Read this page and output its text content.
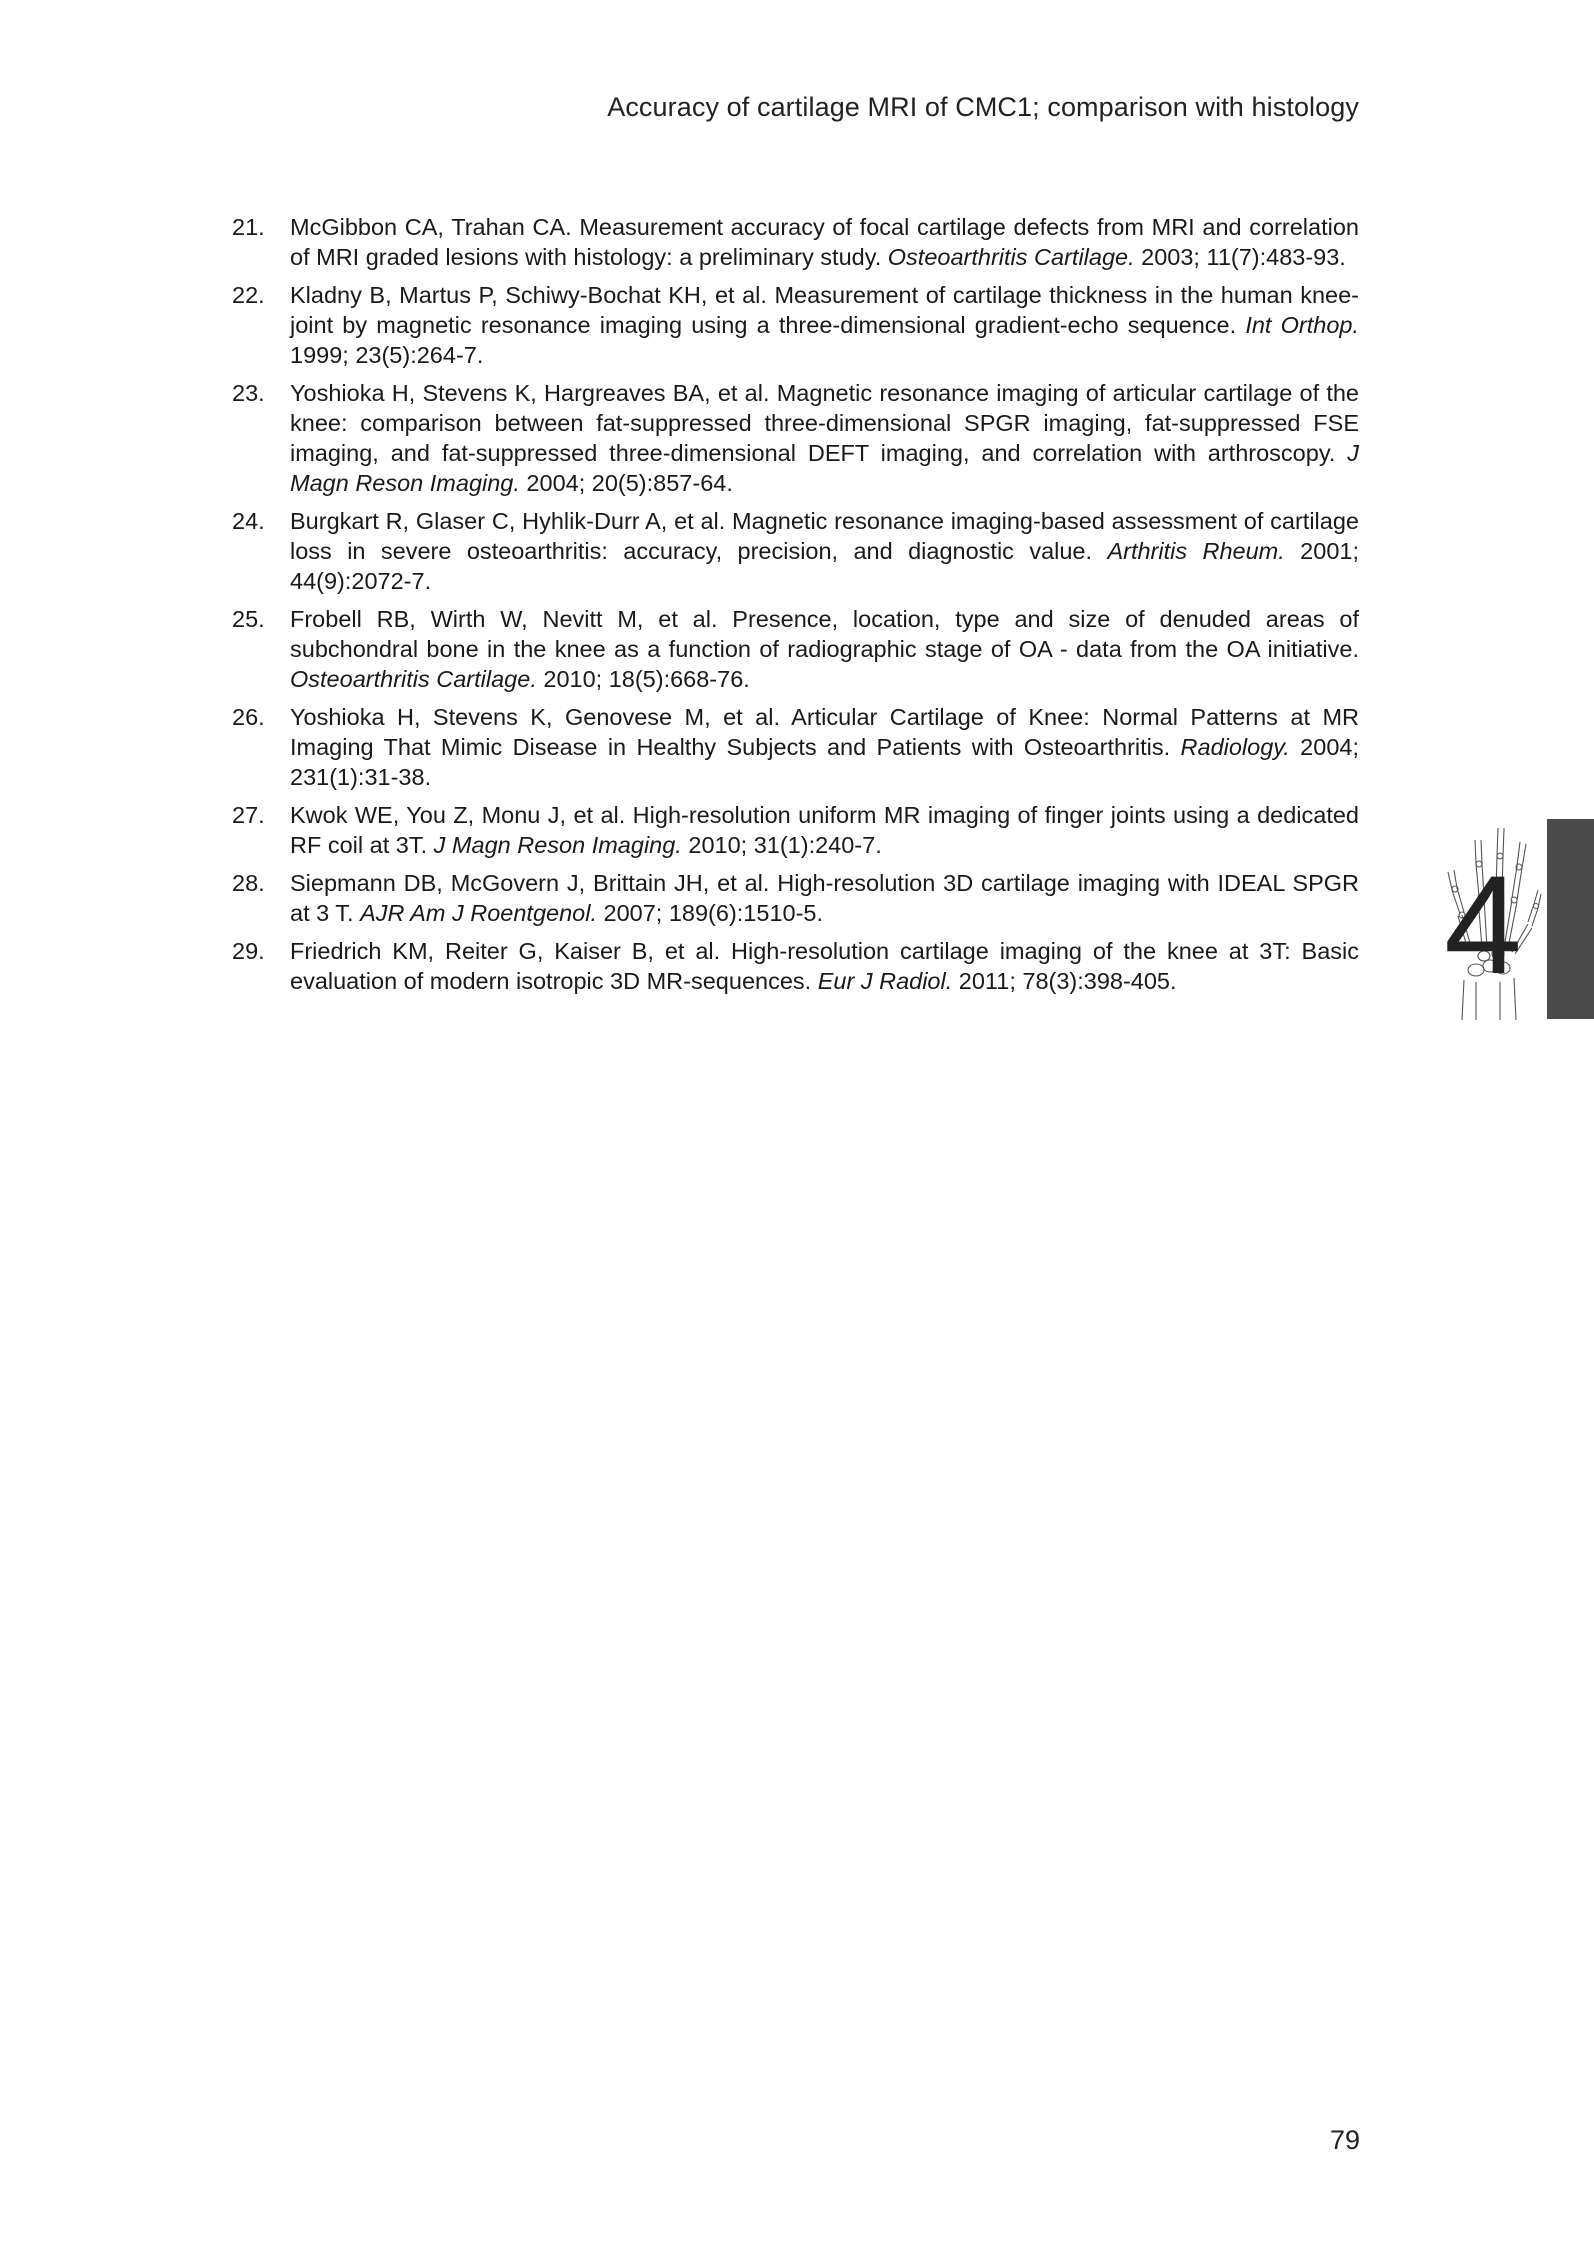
Accuracy of cartilage MRI of CMC1; comparison with histology
21. McGibbon CA, Trahan CA. Measurement accuracy of focal cartilage defects from MRI and correlation of MRI graded lesions with histology: a preliminary study. Osteoarthritis Cartilage. 2003; 11(7):483-93.
22. Kladny B, Martus P, Schiwy-Bochat KH, et al. Measurement of cartilage thickness in the human knee-joint by magnetic resonance imaging using a three-dimensional gradient-echo sequence. Int Orthop. 1999; 23(5):264-7.
23. Yoshioka H, Stevens K, Hargreaves BA, et al. Magnetic resonance imaging of articular cartilage of the knee: comparison between fat-suppressed three-dimensional SPGR imaging, fat-suppressed FSE imaging, and fat-suppressed three-dimensional DEFT imaging, and correlation with arthroscopy. J Magn Reson Imaging. 2004; 20(5):857-64.
24. Burgkart R, Glaser C, Hyhlik-Durr A, et al. Magnetic resonance imaging-based assessment of cartilage loss in severe osteoarthritis: accuracy, precision, and diagnostic value. Arthritis Rheum. 2001; 44(9):2072-7.
25. Frobell RB, Wirth W, Nevitt M, et al. Presence, location, type and size of denuded areas of subchondral bone in the knee as a function of radiographic stage of OA - data from the OA initiative. Osteoarthritis Cartilage. 2010; 18(5):668-76.
26. Yoshioka H, Stevens K, Genovese M, et al. Articular Cartilage of Knee: Normal Patterns at MR Imaging That Mimic Disease in Healthy Subjects and Patients with Osteoarthritis. Radiology. 2004; 231(1):31-38.
27. Kwok WE, You Z, Monu J, et al. High-resolution uniform MR imaging of finger joints using a dedicated RF coil at 3T. J Magn Reson Imaging. 2010; 31(1):240-7.
28. Siepmann DB, McGovern J, Brittain JH, et al. High-resolution 3D cartilage imaging with IDEAL SPGR at 3 T. AJR Am J Roentgenol. 2007; 189(6):1510-5.
29. Friedrich KM, Reiter G, Kaiser B, et al. High-resolution cartilage imaging of the knee at 3T: Basic evaluation of modern isotropic 3D MR-sequences. Eur J Radiol. 2011; 78(3):398-405.	4
79
